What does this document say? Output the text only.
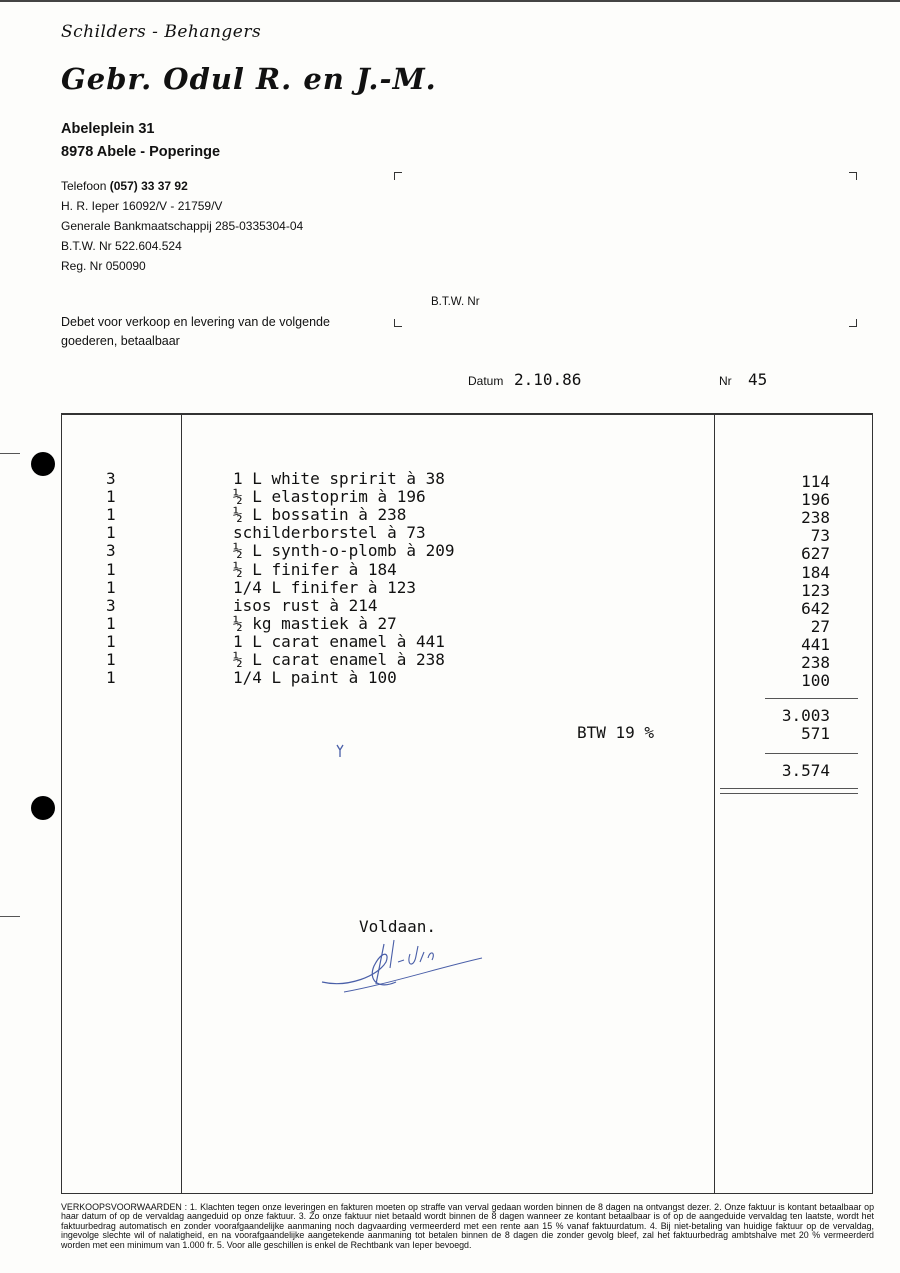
Schilders - Behangers
Gebr. Odul R. en J.-M.
Abeleplein 31
8978 Abele - Poperinge
Telefoon (057) 33 37 92
H. R. Ieper 16092/V - 21759/V
Generale Bankmaatschappij 285-0335304-04
B.T.W. Nr 522.604.524
Reg. Nr 050090
B.T.W. Nr
Debet voor verkoop en levering van de volgende
goederen, betaalbaar
Datum 2.10.86	Nr 45
3	1 L white spririt à 38	114
1	½ L elastoprim à 196	196
1	½ L bossatin à 238	238
1	schilderborstel à 73	73
3	½ L synth-o-plomb à 209	627
1	½ L finifer à 184	184
1	1/4 L finifer à 123	123
3	isos rust à 214	642
1	½ kg mastiek à 27	27
1	1 L carat enamel à 441	441
1	½ L carat enamel à 238	238
1	1/4 L paint à 100	100
3.003
BTW 19 %	571
3.574
Voldaan.
VERKOOPSVOORWAARDEN : 1. Klachten tegen onze leveringen en fakturen moeten op straffe van verval gedaan worden binnen de 8 dagen na ontvangst dezer. 2. Onze faktuur is kontant betaalbaar op haar datum of op de vervaldag aangeduid op onze faktuur. 3. Zo onze faktuur niet betaald wordt binnen de 8 dagen wanneer ze kontant betaalbaar is of op de aangeduide vervaldag ten laatste, wordt het faktuurbedrag automatisch en zonder voorafgaandelijke aanmaning noch dagvaarding vermeerderd met een rente aan 15 % vanaf faktuurdatum. 4. Bij niet-betaling van huidige faktuur op de vervaldag, ingevolge slechte wil of nalatigheid, en na voorafgaandelijke aangetekende aanmaning tot betalen binnen de 8 dagen die zonder gevolg bleef, zal het faktuurbedrag ambtshalve met 20 % vermeerderd worden met een minimum van 1.000 fr. 5. Voor alle geschillen is enkel de Rechtbank van Ieper bevoegd.
